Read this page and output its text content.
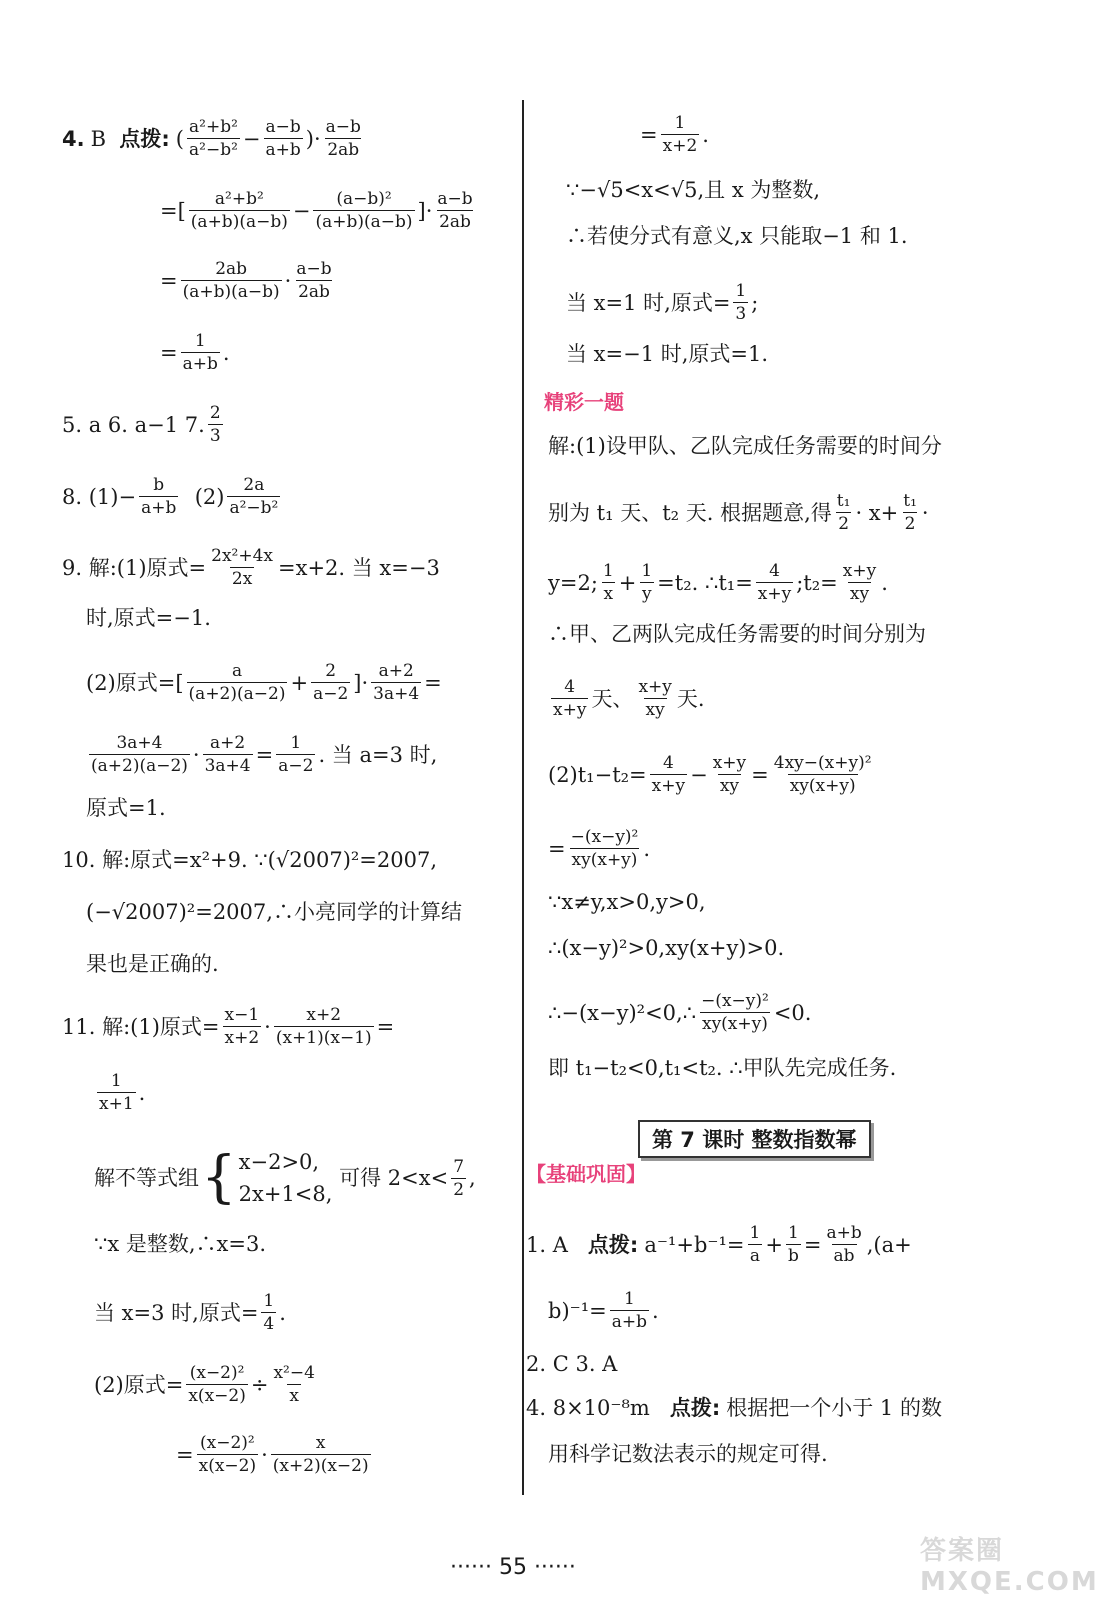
4. B
点拨: ( $\frac{\text{a²+b²}}{\text{a²−b²}} - \frac{a-b}{a+b}$ )· $\frac{a-b}{2ab}$
=[ $\frac{\text{a²+b²}}{(a+b)(a-b)} - \frac{\text{(a−b)²}}{(a+b)(a-b)}$ ]· $\frac{a-b}{2ab}$
= $\frac{2ab}{(a+b)(a-b)} \cdot \frac{a-b}{2ab}$
= $\frac{1}{a+b}$ .
5. a 6. a−1 7. $\frac{2}{3}$
8. $(1)- \frac{b}{a+b}$
$(2) \frac{2a}{\text{a²−b²}}$
9. 解:(1)原式= $\frac{\text{2x²+4x}}{2x} =x+2$. 当 x=−3
时,原式=−1.
(2)原式= [ $\frac{a}{(a+2)(a-2)} + \frac{2}{a-2}$ ]· $\frac{a+2}{3a+4}$ =
$\frac{3a+4}{(a+2)(a-2)} \cdot \frac{a+2}{3a+4} = \frac{1}{a-2}$ . 当 a=3 时,
原式=1.
10. 解:原式=x²+9. ∵(√2007)²=2007,
(−√2007)²=2007,∴小亮同学的计算结
果也是正确的.
11. 解:(1)原式= $\frac{x-1}{x+2} \cdot \frac{x+2}{(x+1)(x-1)}$ =
$\frac{1}{x+1}$ .
解不等式组 { x−2>0,
2x+1<8,

可得 $2<x< \frac{7}{2}$ ,
∵x 是整数,∴x=3.
当 x=3 时,原式= $\frac{1}{4}$ .
(2)原式= $\frac{\text{(x−2)²}}{x(x-2)} \div \frac{\text{x²−4}}{x}$
= $\frac{\text{(x−2)²}}{x(x-2)} \cdot \frac{x}{(x+2)(x-2)}$
= $\frac{1}{x+2}$ .
∵−√5<x<√5,且 x 为整数,
∴若使分式有意义,x 只能取−1 和 1.
当 x=1 时,原式= $\frac{1}{3}$ ;
当 x=−1 时,原式=1.
精彩一题
解:(1)设甲队、乙队完成任务需要的时间分
别为 t₁ 天、t₂ 天. 根据题意,得 $\frac{\text{t₁}}{2} \cdot x+ \frac{\text{t₁}}{2}$ ·
y=2; $\frac{1}{x} + \frac{1}{y} =t_2$. ∴t₁= $\frac{4}{x+y}$ ;t₂= $\frac{x+y}{xy}$ .
∴甲、乙两队完成任务需要的时间分别为
$\frac{4}{x+y}$ 天、 $\frac{x+y}{xy}$ 天.
$(2)t_1-t_2= \frac{4}{x+y} - \frac{x+y}{xy} = \frac{\text{4xy−(x+y)²}}{xy(x+y)}$
= $\frac{\text{−(x−y)²}}{xy(x+y)}$ .
∵x≠y,x>0,y>0,
∴(x−y)²>0,xy(x+y)>0.
∴−(x−y)²<0,∴ $\frac{\text{−(x−y)²}}{xy(x+y)} <0$.
即 t₁−t₂<0,t₁<t₂. ∴甲队先完成任务.
第 7 课时 整数指数幂
【基础巩固】
1. A
点拨: $a^{-1}+b^{-1}= \frac{1}{a} + \frac{1}{b} = \frac{a+b}{ab} ,(a+$
$b)^{-1}= \frac{1}{a+b}$ .
2. C 3. A
4. 8×10⁻⁸m
点拨: 根据把一个小于 1 的数
用科学记数法表示的规定可得.
······ 55 ······
答案圈 MXQE.COM
